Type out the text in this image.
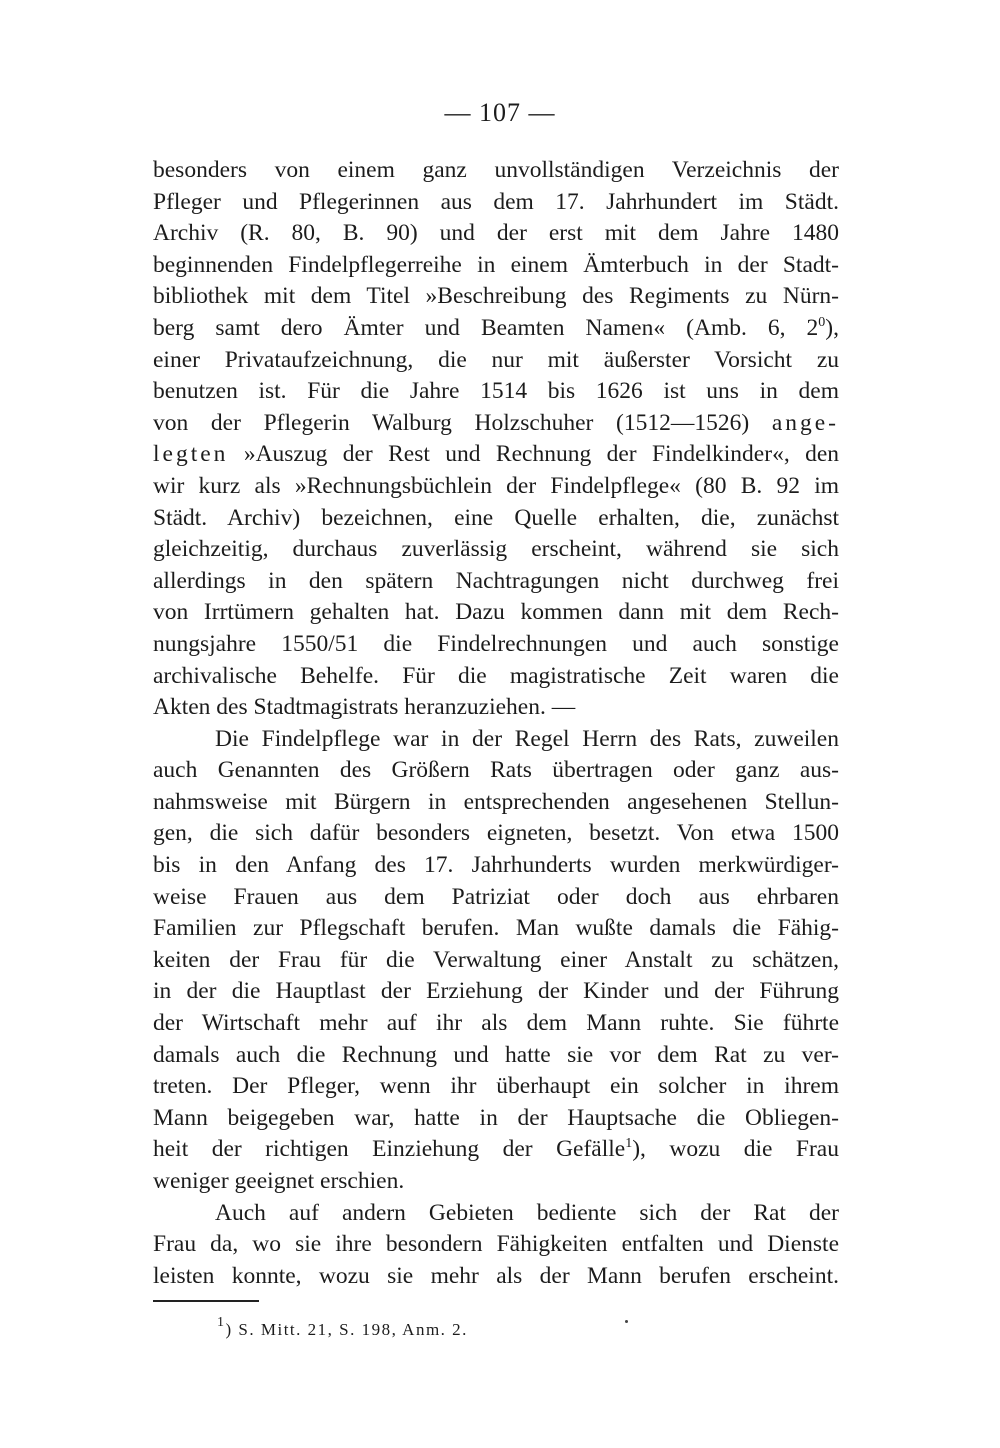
— 107 —
besonders von einem ganz unvollständigen Verzeichnis der
Pfleger und Pflegerinnen aus dem 17. Jahrhundert im Städt.
Archiv (R. 80, B. 90) und der erst mit dem Jahre 1480
beginnenden Findelpflegerreihe in einem Ämterbuch in der Stadt-
bibliothek mit dem Titel »Beschreibung des Regiments zu Nürn-
berg samt dero Ämter und Beamten Namen« (Amb. 6, $2^0$),
einer Privataufzeichnung, die nur mit äußerster Vorsicht zu
benutzen ist. Für die Jahre 1514 bis 1626 ist uns in dem
von der Pflegerin Walburg Holzschuher (1512—1526) ange-
legten »Auszug der Rest und Rechnung der Findelkinder«, den
wir kurz als »Rechnungsbüchlein der Findelpflege« (80 B. 92 im
Städt. Archiv) bezeichnen, eine Quelle erhalten, die, zunächst
gleichzeitig, durchaus zuverlässig erscheint, während sie sich
allerdings in den spätern Nachtragungen nicht durchweg frei
von Irrtümern gehalten hat. Dazu kommen dann mit dem Rech-
nungsjahre 1550/51 die Findelrechnungen und auch sonstige
archivalische Behelfe. Für die magistratische Zeit waren die
Akten des Stadtmagistrats heranzuziehen. —
Die Findelpflege war in der Regel Herrn des Rats, zuweilen
auch Genannten des Größern Rats übertragen oder ganz aus-
nahmsweise mit Bürgern in entsprechenden angesehenen Stellun-
gen, die sich dafür besonders eigneten, besetzt. Von etwa 1500
bis in den Anfang des 17. Jahrhunderts wurden merkwürdiger-
weise Frauen aus dem Patriziat oder doch aus ehrbaren
Familien zur Pflegschaft berufen. Man wußte damals die Fähig-
keiten der Frau für die Verwaltung einer Anstalt zu schätzen,
in der die Hauptlast der Erziehung der Kinder und der Führung
der Wirtschaft mehr auf ihr als dem Mann ruhte. Sie führte
damals auch die Rechnung und hatte sie vor dem Rat zu ver-
treten. Der Pfleger, wenn ihr überhaupt ein solcher in ihrem
Mann beigegeben war, hatte in der Hauptsache die Obliegen-
heit der richtigen Einziehung der Gefälle$^1$), wozu die Frau
weniger geeignet erschien.
Auch auf andern Gebieten bediente sich der Rat der
Frau da, wo sie ihre besondern Fähigkeiten entfalten und Dienste
leisten konnte, wozu sie mehr als der Mann berufen erscheint.
$^1$) S. Mitt. 21, S. 198, Anm. 2.
